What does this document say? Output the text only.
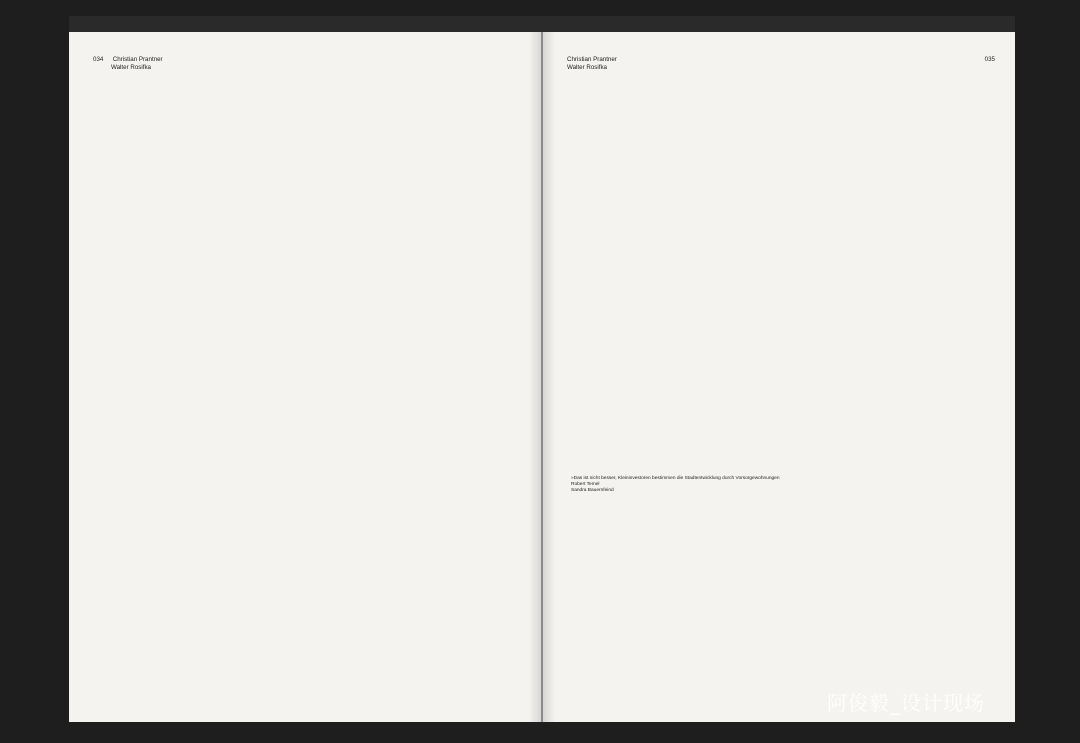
034 Christian Prantner
Walter Rosifka
Christian Prantner
Walter Rosifka
035
»Das ist nicht besser, Kleininvestoren bestimmen die Stadtentwicklung durch Vorsorgewohnungen
Robert Temel
Sandra Bauernfeind
阿俊毅_设计现场
